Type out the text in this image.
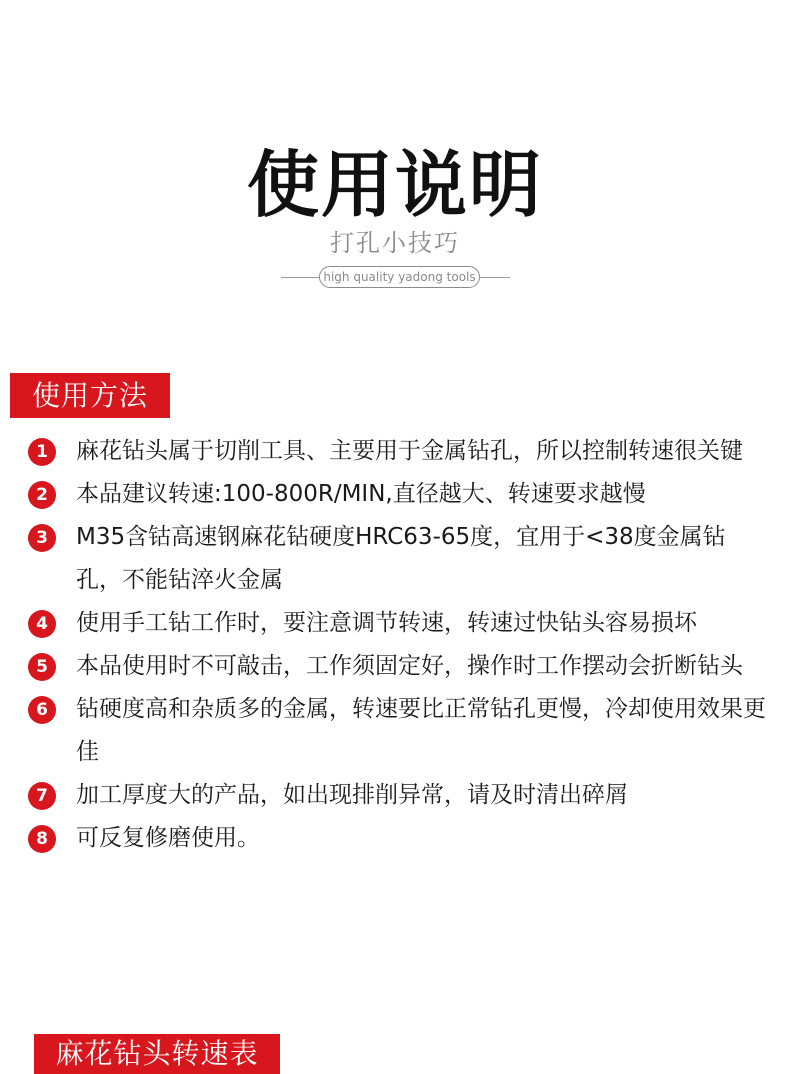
使用说明
打孔小技巧
high quality yadong tools
使用方法
1	麻花钻头属于切削工具、主要用于金属钻孔，所以控制转速很关键
2	本品建议转速:100-800R/MIN,直径越大、转速要求越慢
3	M35含钴高速钢麻花钻硬度HRC63-65度，宜用于<38度金属钻孔，不能钻淬火金属
4	使用手工钻工作时，要注意调节转速，转速过快钻头容易损坏
5	本品使用时不可敲击，工作须固定好，操作时工作摆动会折断钻头
6	钻硬度高和杂质多的金属，转速要比正常钻孔更慢，冷却使用效果更佳
7	加工厚度大的产品，如出现排削异常，请及时清出碎屑
8	可反复修磨使用。
麻花钻头转速表
